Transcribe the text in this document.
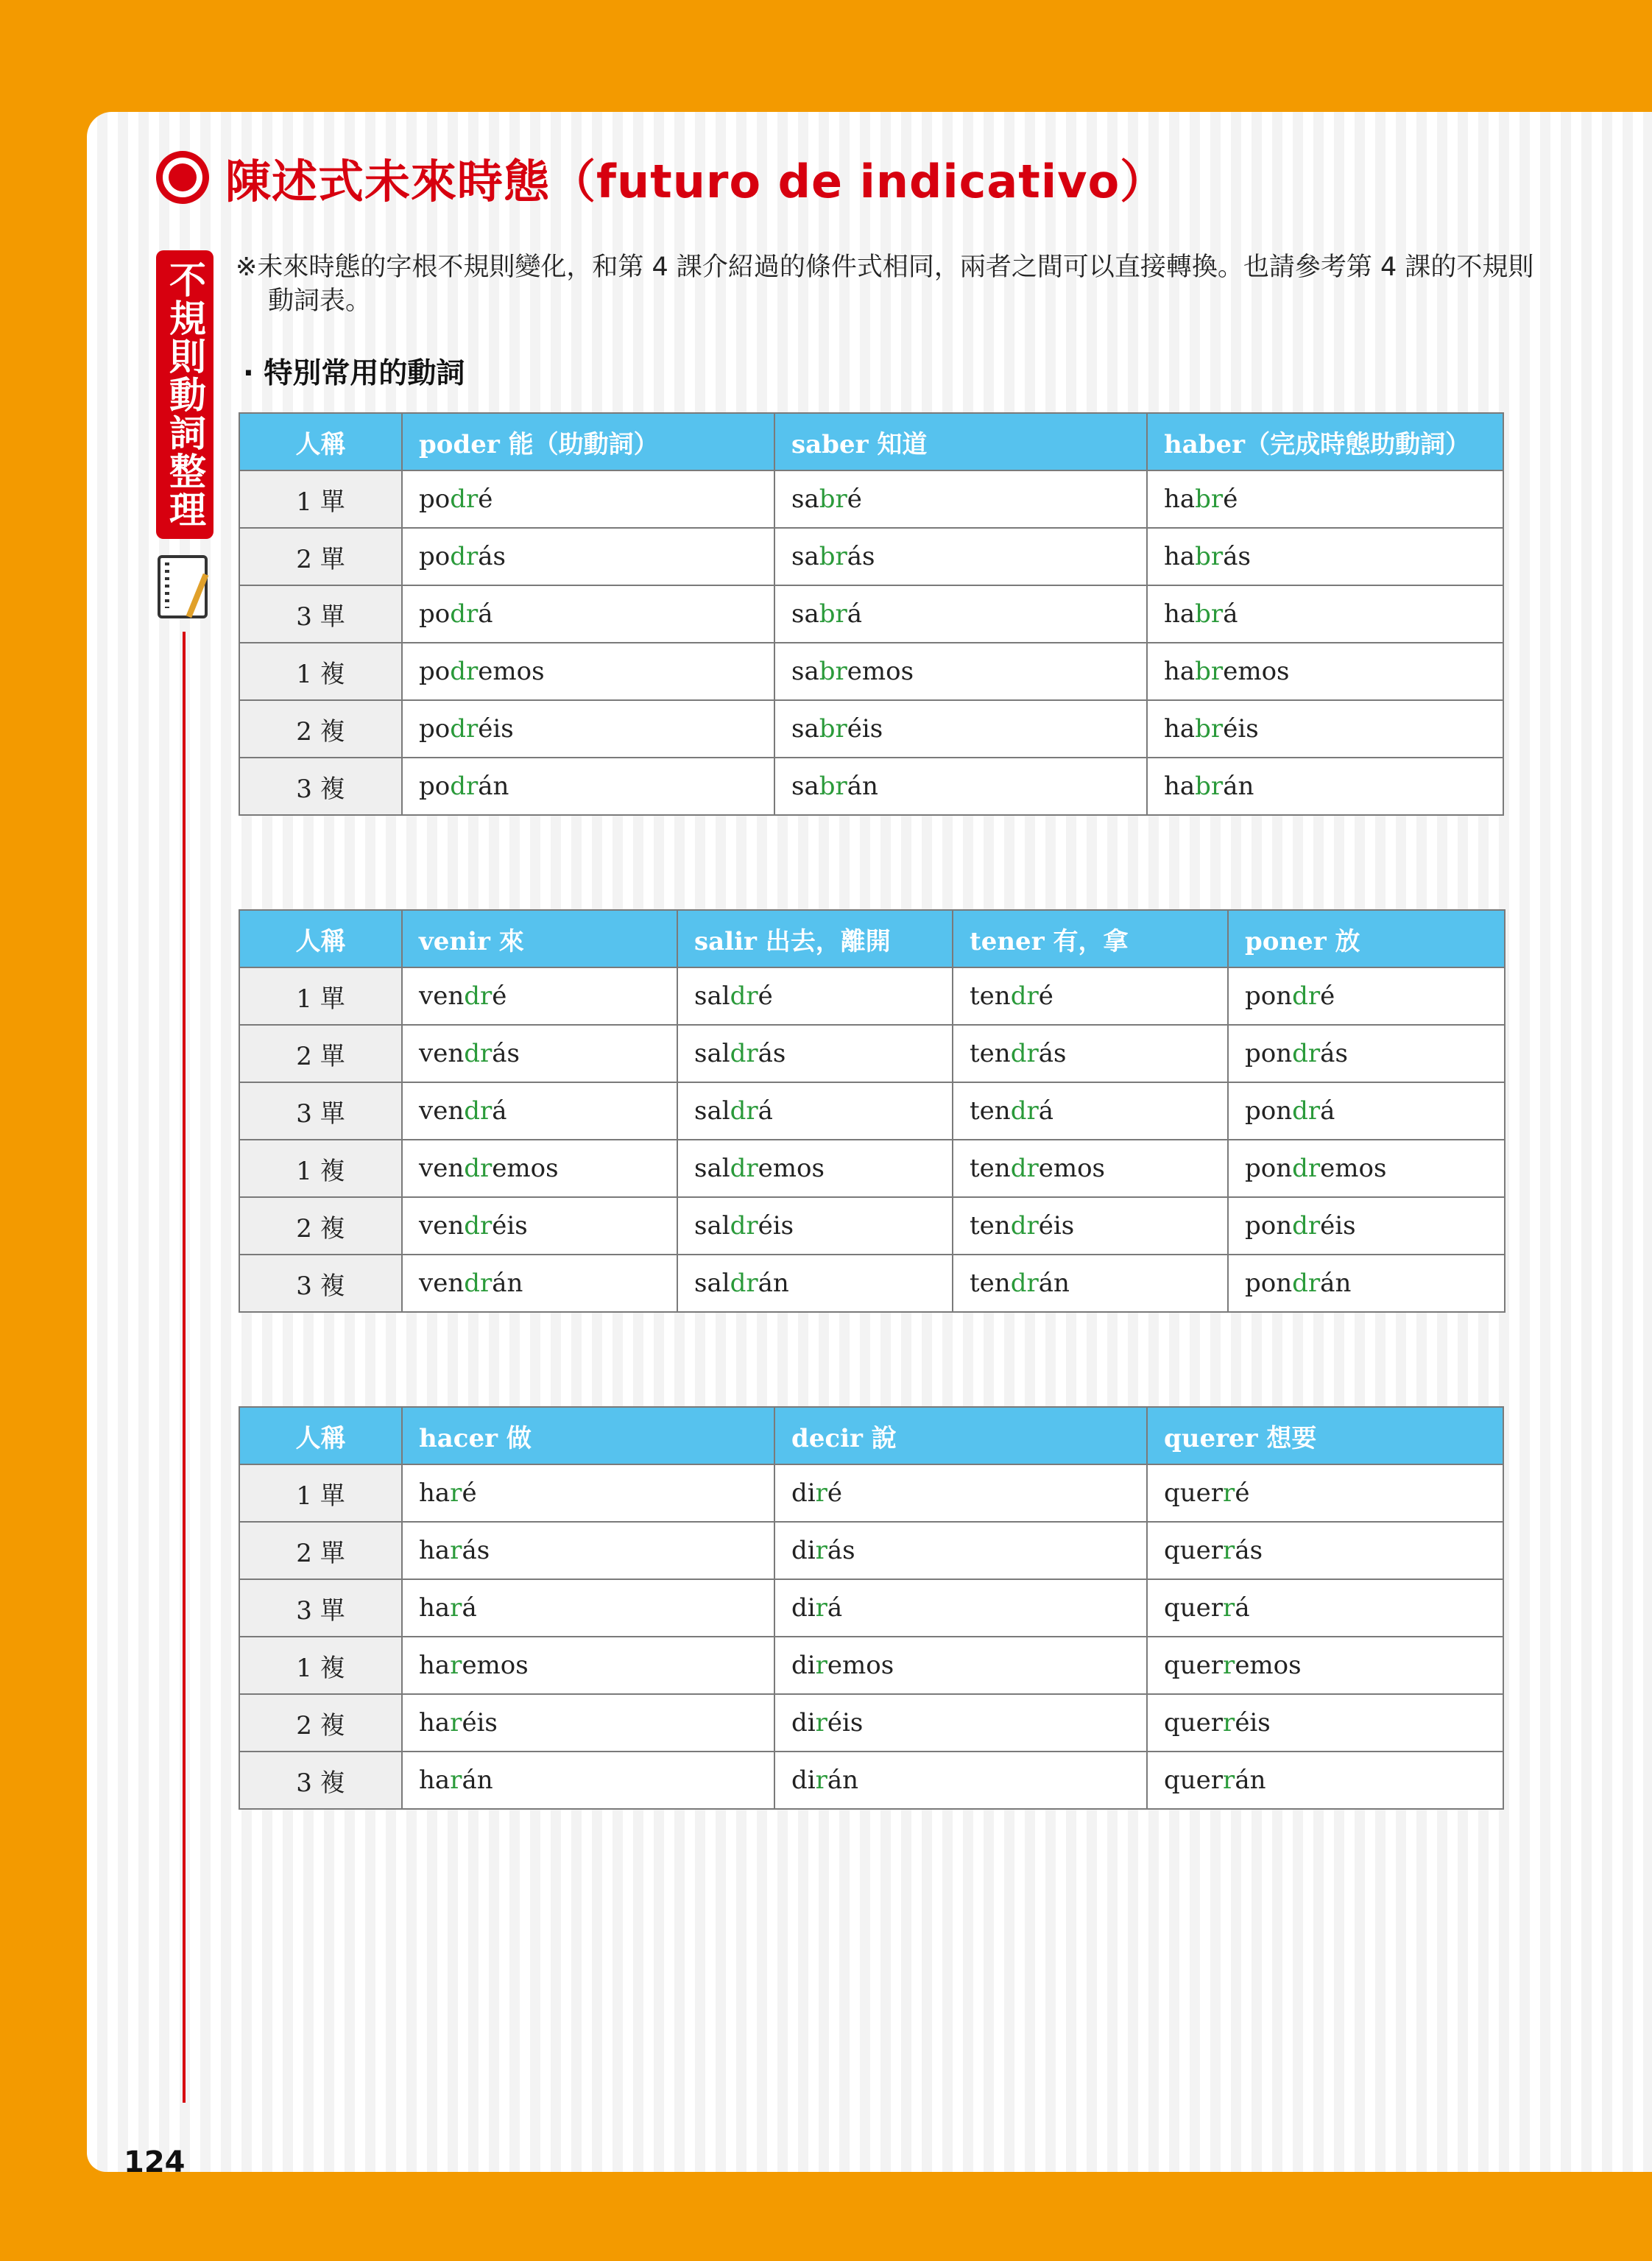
陳述式未來時態（futuro de indicativo）
不規則動詞整理 ※未來時態的字根不規則變化，和第 4 課介紹過的條件式相同，兩者之間可以直接轉換。也請參考第 4 課的不規則動詞表。
· 特別常用的動詞
人稱	poder 能（助動詞）	saber 知道	haber（完成時態助動詞）
1 單	podré	sabré	habré
2 單	podrás	sabrás	habrás
3 單	podrá	sabrá	habrá
1 複	podremos	sabremos	habremos
2 複	podréis	sabréis	habréis
3 複	podrán	sabrán	habrán
人稱	venir 來	salir 出去，離開	tener 有，拿	poner 放
1 單	vendré	saldré	tendré	pondré
2 單	vendrás	saldrás	tendrás	pondrás
3 單	vendrá	saldrá	tendrá	pondrá
1 複	vendremos	saldremos	tendremos	pondremos
2 複	vendréis	saldréis	tendréis	pondréis
3 複	vendrán	saldrán	tendrán	pondrán
人稱	hacer 做	decir 說	querer 想要
1 單	haré	diré	querré
2 單	harás	dirás	querrás
3 單	hará	dirá	querrá
1 複	haremos	diremos	querremos
2 複	haréis	diréis	querréis
3 複	harán	dirán	querrán
124
